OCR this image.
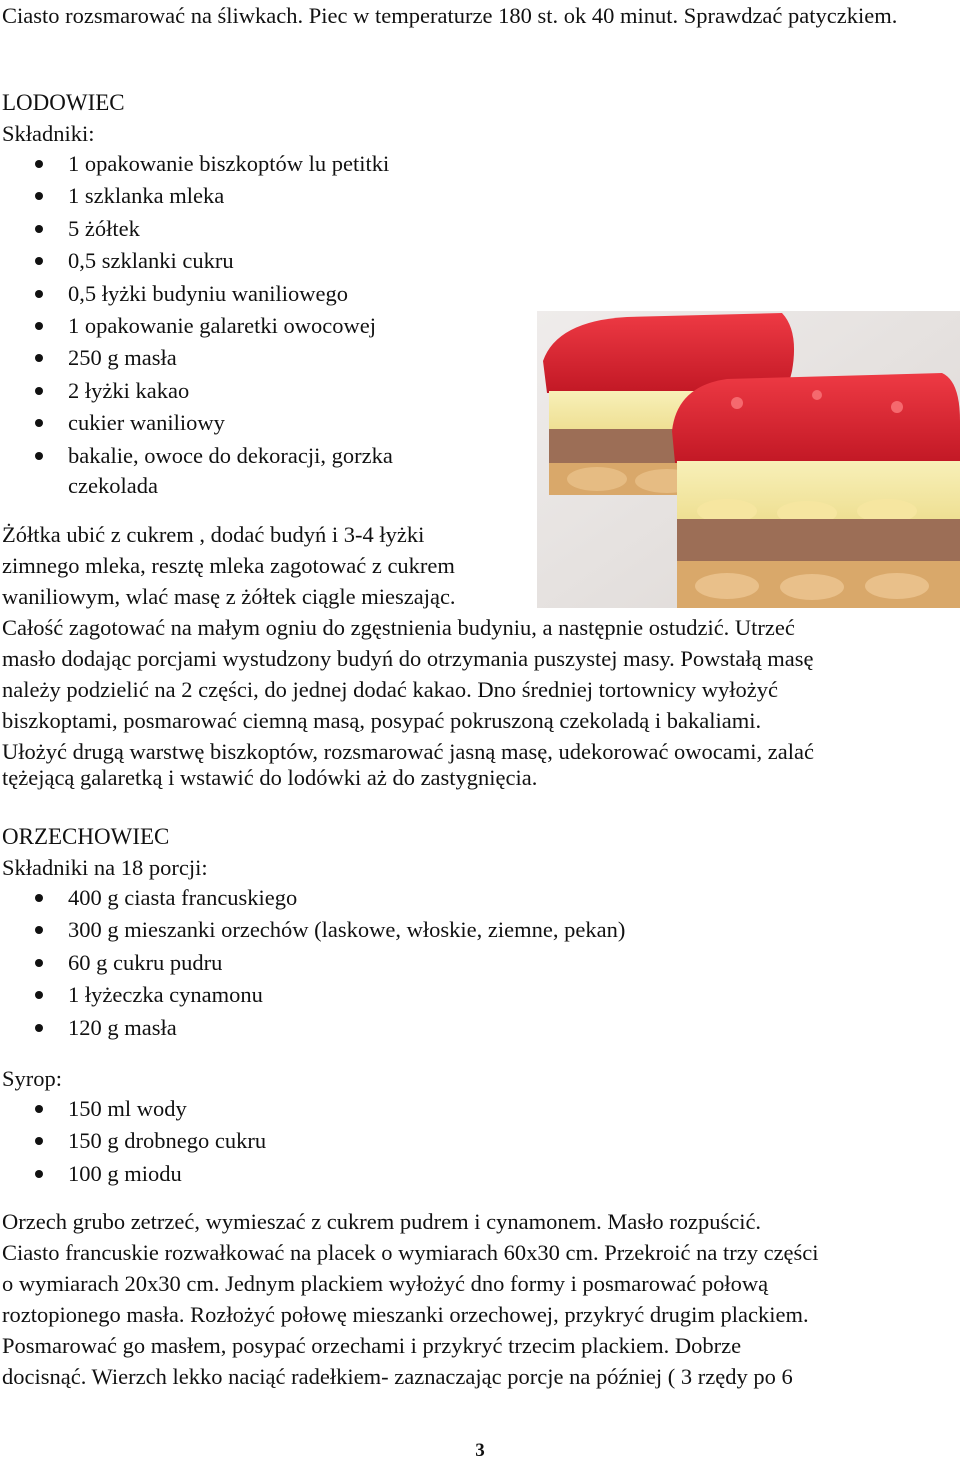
Ciasto rozsmarować na śliwkach. Piec w temperaturze 180 st. ok 40 minut. Sprawdzać patyczkiem.

LODOWIEC

Składniki:

1 opakowanie biszkoptów lu petitki
1 szklanka mleka
5 żółtek
0,5 szklanki cukru
0,5 łyżki budyniu waniliowego
1 opakowanie galaretki owocowej
250 g masła
2 łyżki kakao
cukier waniliowy
bakalie, owoce do dekoracji, gorzka

czekolada

Żółtka ubić z cukrem , dodać budyń i 3-4 łyżki

zimnego mleka, resztę mleka zagotować z cukrem

waniliowym, wlać masę z żółtek ciągle mieszając.

Całość zagotować na małym ogniu do zgęstnienia budyniu, a następnie ostudzić. Utrzeć

masło dodając porcjami wystudzony budyń do otrzymania puszystej masy. Powstałą masę

należy podzielić na 2 części, do jednej dodać kakao. Dno średniej tortownicy wyłożyć

biszkoptami, posmarować ciemną masą, posypać pokruszoną czekoladą i bakaliami.

Ułożyć drugą warstwę biszkoptów, rozsmarować jasną masę, udekorować owocami, zalać

tężejącą galaretką i wstawić do lodówki aż do zastygnięcia.

ORZECHOWIEC

Składniki na 18 porcji:

400 g ciasta francuskiego
300 g mieszanki orzechów (laskowe, włoskie, ziemne, pekan)
60 g cukru pudru
1 łyżeczka cynamonu
120 g masła

Syrop:

150 ml wody
150 g drobnego cukru
100 g miodu

Orzech grubo zetrzeć, wymieszać z cukrem pudrem i cynamonem. Masło rozpuścić.

Ciasto francuskie rozwałkować na placek o wymiarach 60x30 cm. Przekroić na trzy części

o wymiarach 20x30 cm. Jednym plackiem wyłożyć dno formy i posmarować połową

roztopionego masła. Rozłożyć połowę mieszanki orzechowej, przykryć drugim plackiem.

Posmarować go masłem, posypać orzechami i przykryć trzecim plackiem. Dobrze

docisnąć. Wierzch lekko naciąć radełkiem- zaznaczając porcje na później ( 3 rzędy po 6

3
